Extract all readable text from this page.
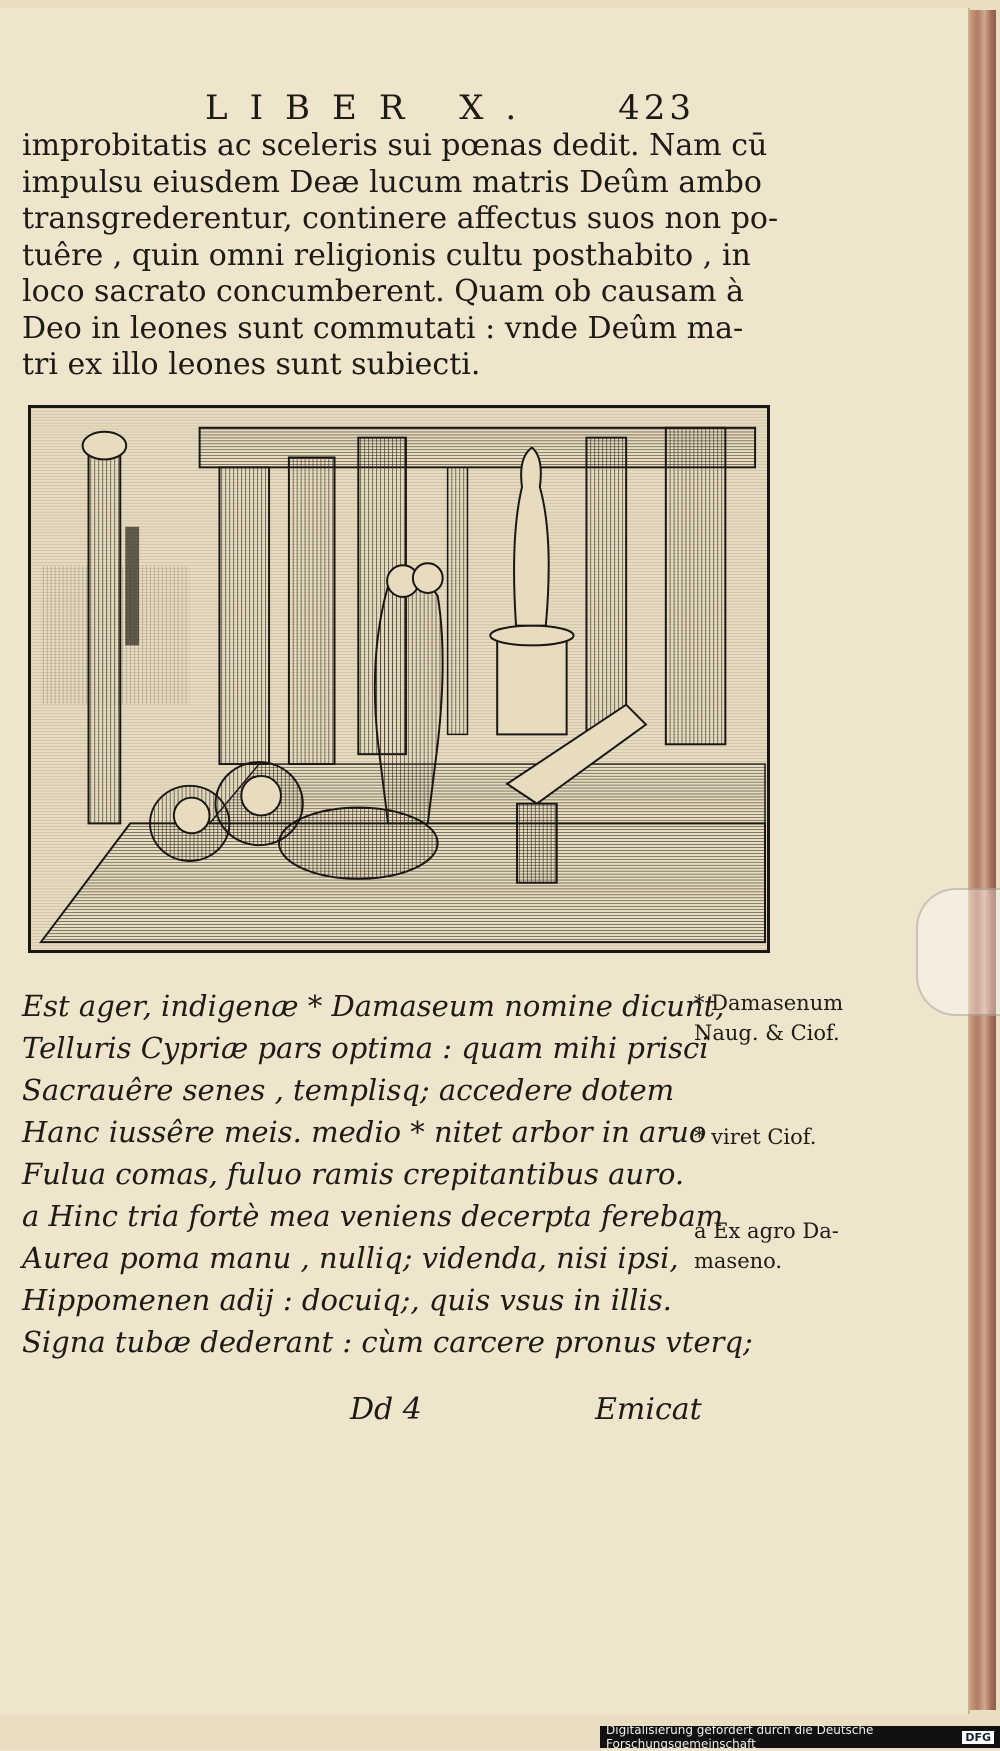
LIBER X. 423
improbitatis ac sceleris sui pœnas dedit. Nam cū
impulsu eiusdem Deæ lucum matris Deûm ambo
transgrederentur, continere affectus suos non po-
tuêre , quin omni religionis cultu posthabito , in
loco sacrato concumberent. Quam ob causam à
Deo in leones sunt commutati : vnde Deûm ma-
tri ex illo leones sunt subiecti.
Est ager, indigenæ * Damaseum nomine dicunt,
Telluris Cypriæ pars optima : quam mihi prisci
Sacrauêre senes , templisq; accedere dotem
Hanc iussêre meis. medio * nitet arbor in aruo
Fulua comas, fuluo ramis crepitantibus auro.
a Hinc tria fortè mea veniens decerpta ferebam
Aurea poma manu , nulliq; videnda, nisi ipsi,
Hippomenen adij : docuiq;, quis vsus in illis.
Signa tubæ dederant : cùm carcere pronus vterq;
* Damasenum
Naug. & Ciof.
* viret Ciof.
a Ex agro Da-
maseno.
Dd 4	Emicat
Digitalisierung gefördert durch die Deutsche Forschungsgemeinschaft	DFG
